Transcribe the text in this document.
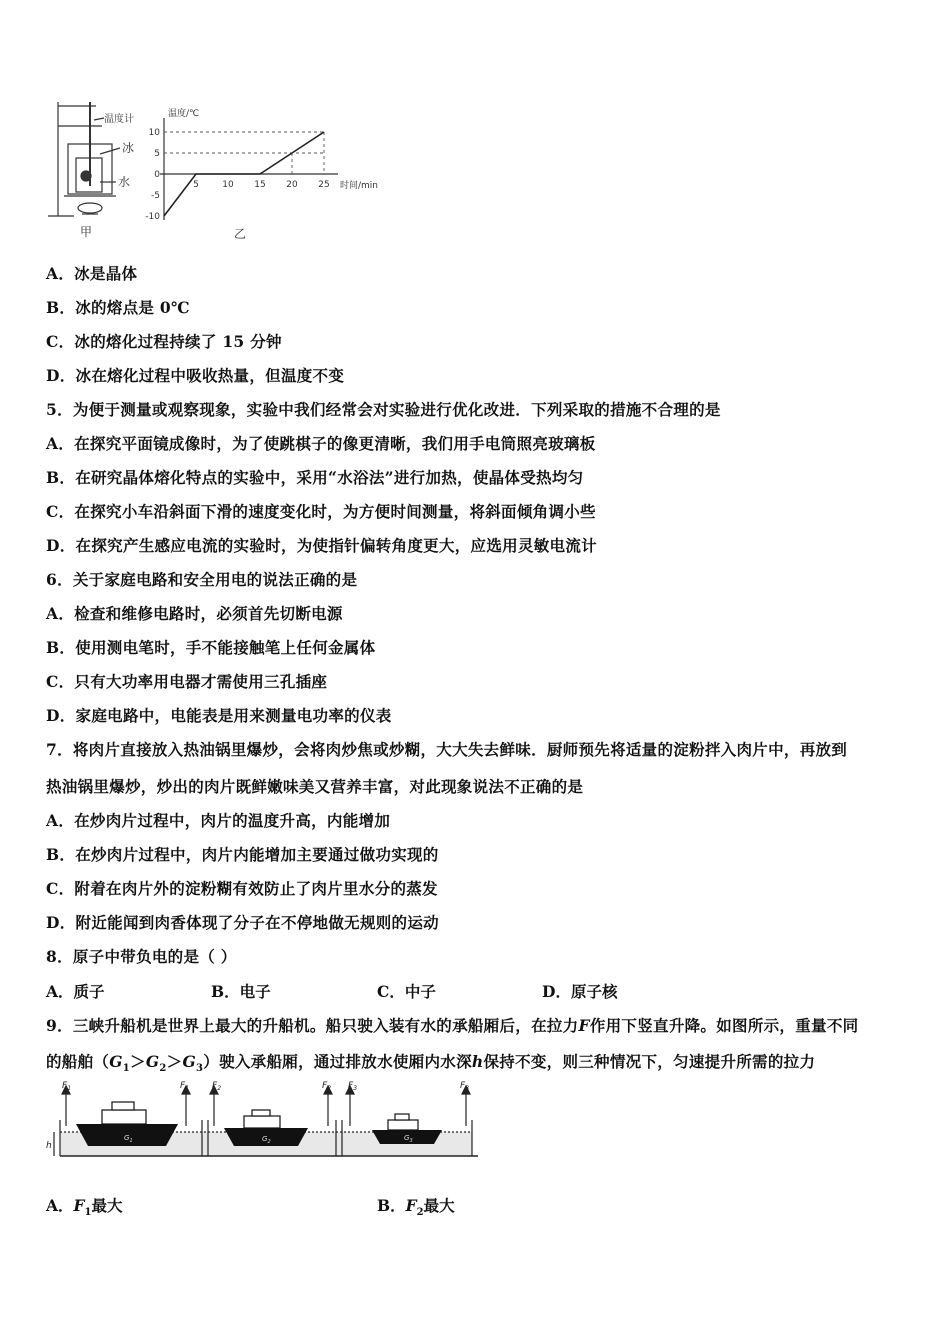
温度计
冰
水
甲
温度/℃
时间/min
10
5
0
-5
-10
5	10 15 20 25
乙
A．冰是晶体
B．冰的熔点是 0℃
C．冰的熔化过程持续了 15 分钟
D．冰在熔化过程中吸收热量，但温度不变
5．为便于测量或观察现象，实验中我们经常会对实验进行优化改进．下列采取的措施不合理的是
A．在探究平面镜成像时，为了使跳棋子的像更清晰，我们用手电筒照亮玻璃板
B．在研究晶体熔化特点的实验中，采用“水浴法”进行加热，使晶体受热均匀
C．在探究小车沿斜面下滑的速度变化时，为方便时间测量，将斜面倾角调小些
D．在探究产生感应电流的实验时，为使指针偏转角度更大，应选用灵敏电流计
6．关于家庭电路和安全用电的说法正确的是
A．检查和维修电路时，必须首先切断电源
B．使用测电笔时，手不能接触笔上任何金属体
C．只有大功率用电器才需使用三孔插座
D．家庭电路中，电能表是用来测量电功率的仪表
7．将肉片直接放入热油锅里爆炒，会将肉炒焦或炒糊，大大失去鲜味．厨师预先将适量的淀粉拌入肉片中，再放到
热油锅里爆炒，炒出的肉片既鲜嫩味美又营养丰富，对此现象说法不正确的是
A．在炒肉片过程中，肉片的温度升高，内能增加
B．在炒肉片过程中，肉片内能增加主要通过做功实现的
C．附着在肉片外的淀粉糊有效防止了肉片里水分的蒸发
D．附近能闻到肉香体现了分子在不停地做无规则的运动
8．原子中带负电的是（ ）
A．质子	B．电子	C．中子	D．原子核
9．三峡升船机是世界上最大的升船机。船只驶入装有水的承船厢后，在拉力F作用下竖直升降。如图所示，重量不同
的船舶$(G_1>G_2>G_3)$驶入承船厢，通过排放水使厢内水深h保持不变，则三种情况下，匀速提升所需的拉力
$F_1$	$F_1$	$F_2$	$F_2$ $F_3$	$F_3$
h
$G_1$	$G_2$	$G_3$
A．$F_1$最大	B．$F_2$最大
